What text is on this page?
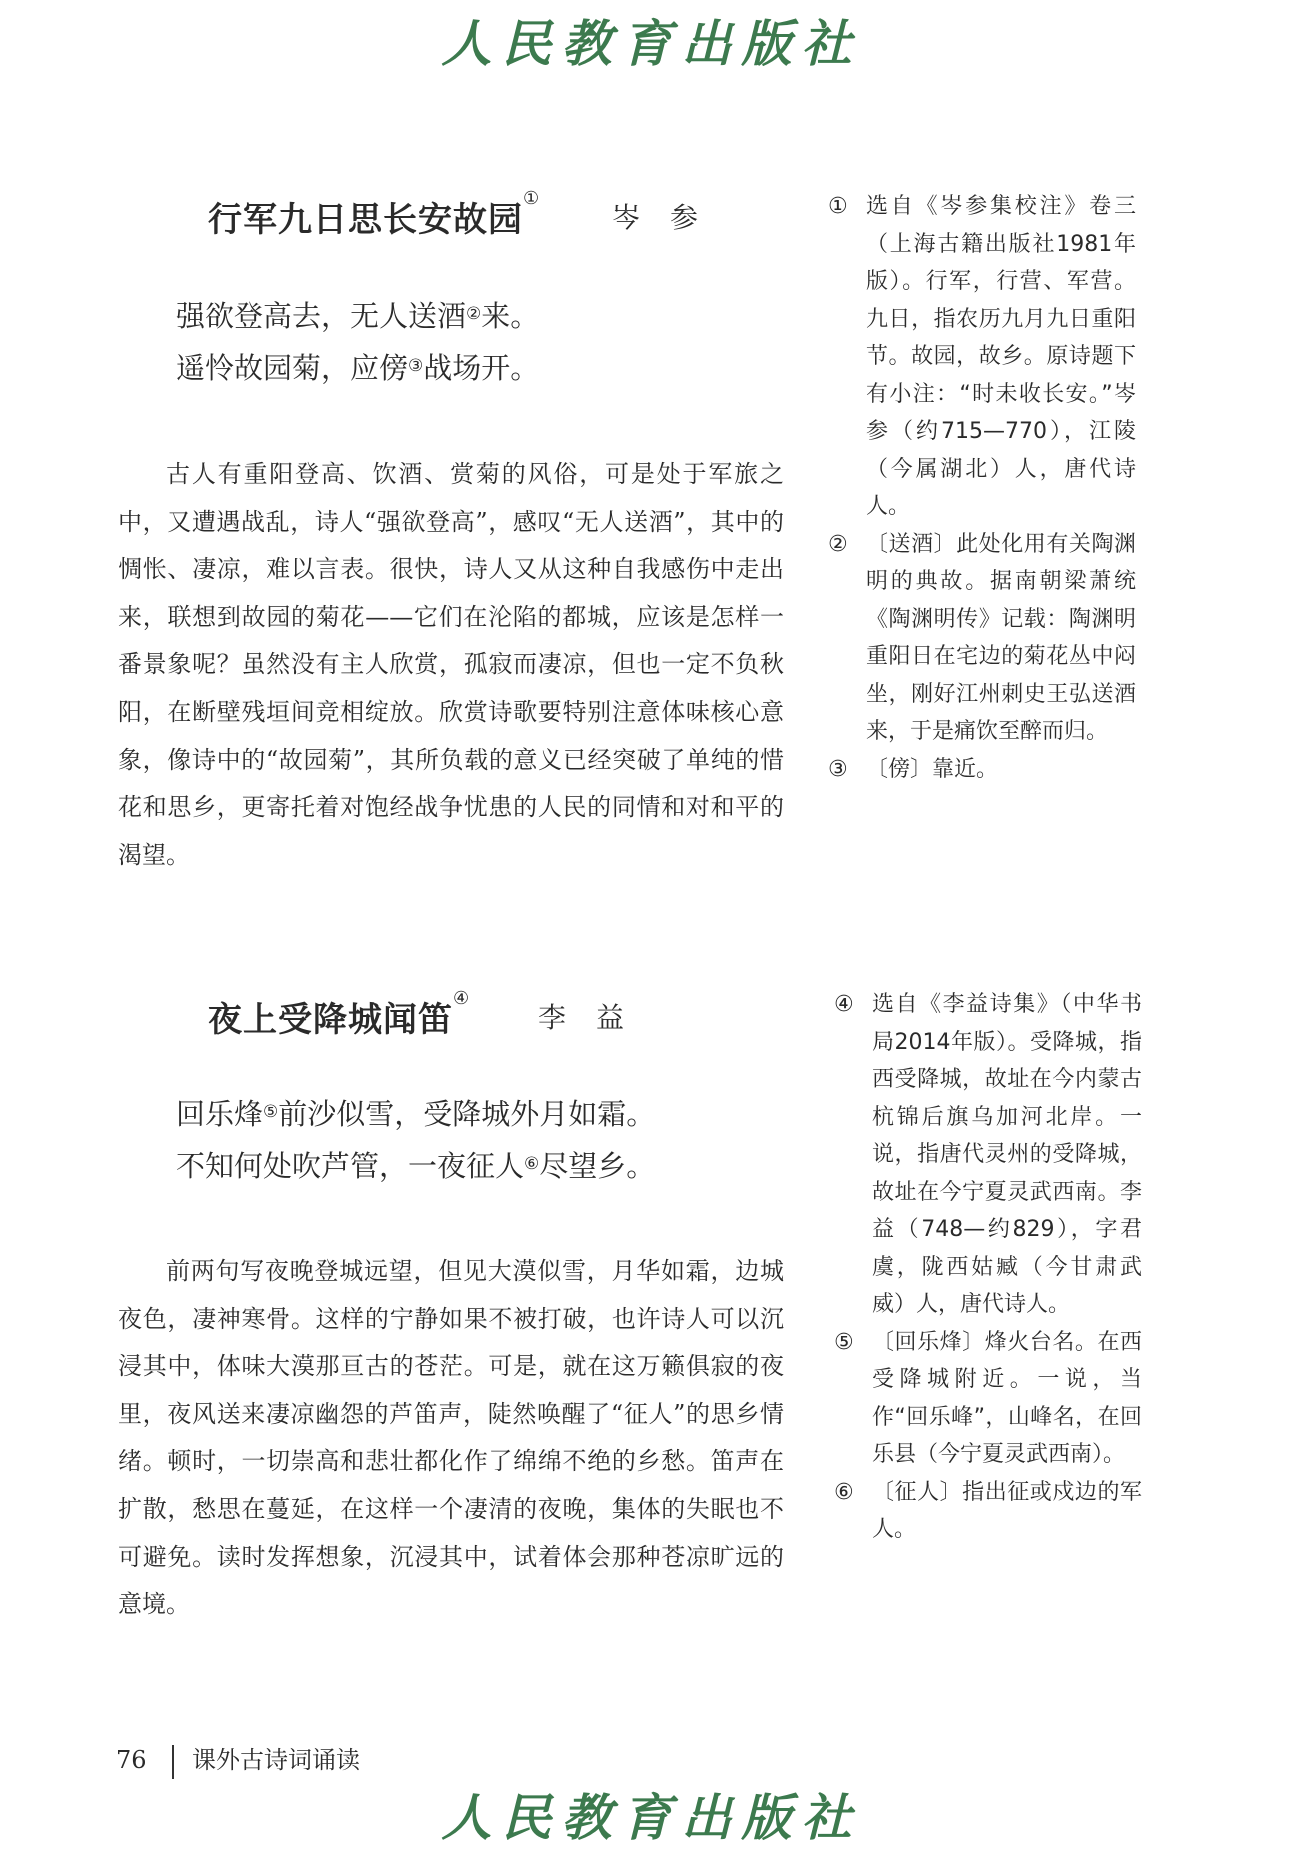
人民教育出版社
行军九日思长安故园①
岑参
强欲登高去，无人送酒②来。
遥怜故园菊，应傍③战场开。
古人有重阳登高、饮酒、赏菊的风俗，可是处于军旅之中，又遭遇战乱，诗人“强欲登高”，感叹“无人送酒”，其中的惆怅、凄凉，难以言表。很快，诗人又从这种自我感伤中走出来，联想到故园的菊花——它们在沦陷的都城，应该是怎样一番景象呢？虽然没有主人欣赏，孤寂而凄凉，但也一定不负秋阳，在断壁残垣间竞相绽放。欣赏诗歌要特别注意体味核心意象，像诗中的“故园菊”，其所负载的意义已经突破了单纯的惜花和思乡，更寄托着对饱经战争忧患的人民的同情和对和平的渴望。
① 选自《岑参集校注》卷三（上海古籍出版社1981年版）。行军，行营、军营。九日，指农历九月九日重阳节。故园，故乡。原诗题下有小注：“时未收长安。”岑参（约715—770），江陵（今属湖北）人，唐代诗人。
② 〔送酒〕此处化用有关陶渊明的典故。据南朝梁萧统《陶渊明传》记载：陶渊明重阳日在宅边的菊花丛中闷坐，刚好江州刺史王弘送酒来，于是痛饮至醉而归。
③ 〔傍〕靠近。
夜上受降城闻笛④
李益
回乐烽⑤前沙似雪，受降城外月如霜。
不知何处吹芦管，一夜征人⑥尽望乡。
前两句写夜晚登城远望，但见大漠似雪，月华如霜，边城夜色，凄神寒骨。这样的宁静如果不被打破，也许诗人可以沉浸其中，体味大漠那亘古的苍茫。可是，就在这万籁俱寂的夜里，夜风送来凄凉幽怨的芦笛声，陡然唤醒了“征人”的思乡情绪。顿时，一切崇高和悲壮都化作了绵绵不绝的乡愁。笛声在扩散，愁思在蔓延，在这样一个凄清的夜晚，集体的失眠也不可避免。读时发挥想象，沉浸其中，试着体会那种苍凉旷远的意境。
④ 选自《李益诗集》（中华书局2014年版）。受降城，指西受降城，故址在今内蒙古杭锦后旗乌加河北岸。一说，指唐代灵州的受降城，故址在今宁夏灵武西南。李益（748—约829），字君虞，陇西姑臧（今甘肃武威）人，唐代诗人。
⑤ 〔回乐烽〕烽火台名。在西受降城附近。一说，当作“回乐峰”，山峰名，在回乐县（今宁夏灵武西南）。
⑥ 〔征人〕指出征或戍边的军人。
76 课外古诗词诵读
人民教育出版社
